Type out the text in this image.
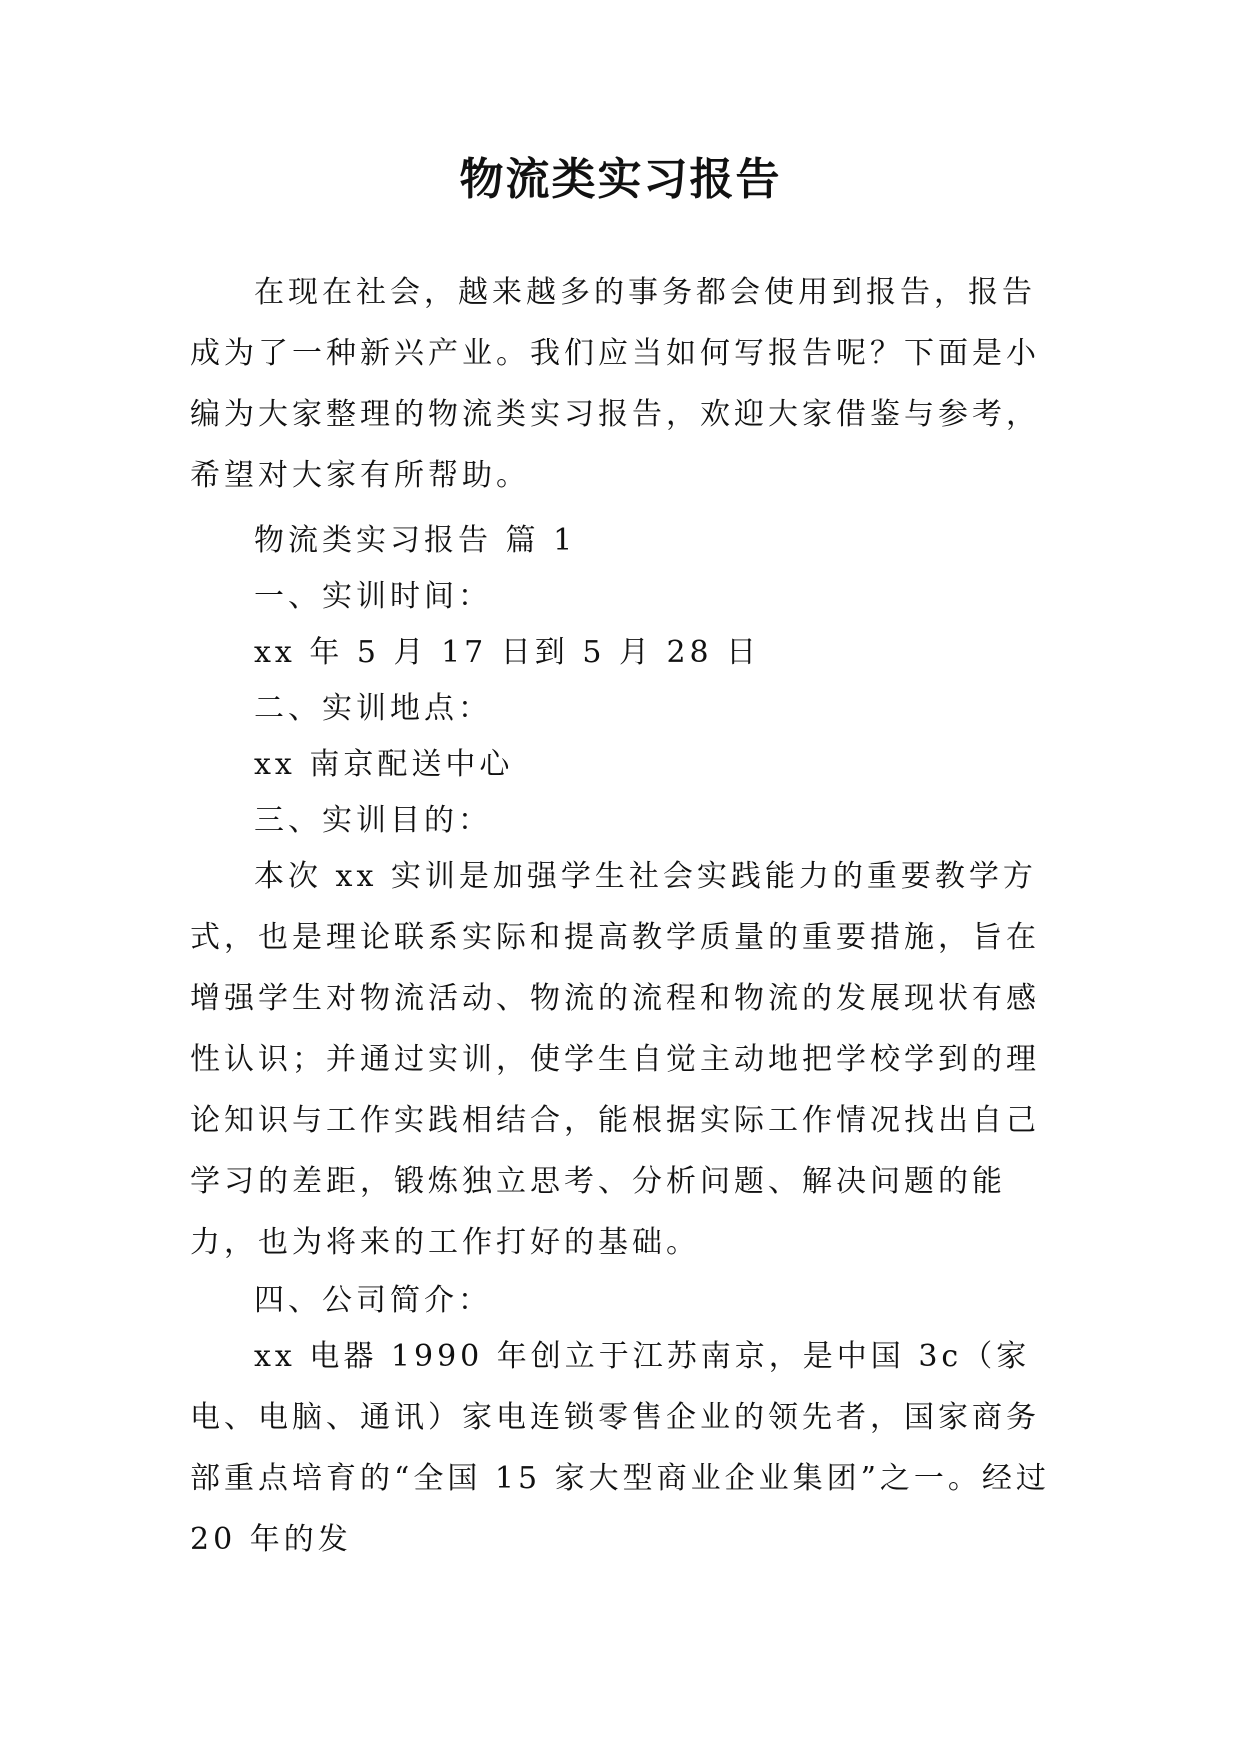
物流类实习报告

在现在社会，越来越多的事务都会使用到报告，报告成为了一种新兴产业。我们应当如何写报告呢？下面是小编为大家整理的物流类实习报告，欢迎大家借鉴与参考，希望对大家有所帮助。

物流类实习报告 篇 1

一、实训时间：

xx 年 5 月 17 日到 5 月 28 日

二、实训地点：

xx 南京配送中心

三、实训目的：

本次 xx 实训是加强学生社会实践能力的重要教学方式，也是理论联系实际和提高教学质量的重要措施，旨在增强学生对物流活动、物流的流程和物流的发展现状有感性认识；并通过实训，使学生自觉主动地把学校学到的理论知识与工作实践相结合，能根据实际工作情况找出自己学习的差距，锻炼独立思考、分析问题、解决问题的能力，也为将来的工作打好的基础。

四、公司简介：

xx 电器 1990 年创立于江苏南京，是中国 3c（家电、电脑、通讯）家电连锁零售企业的领先者，国家商务部重点培育的“全国 15 家大型商业企业集团”之一。经过 20 年的发
